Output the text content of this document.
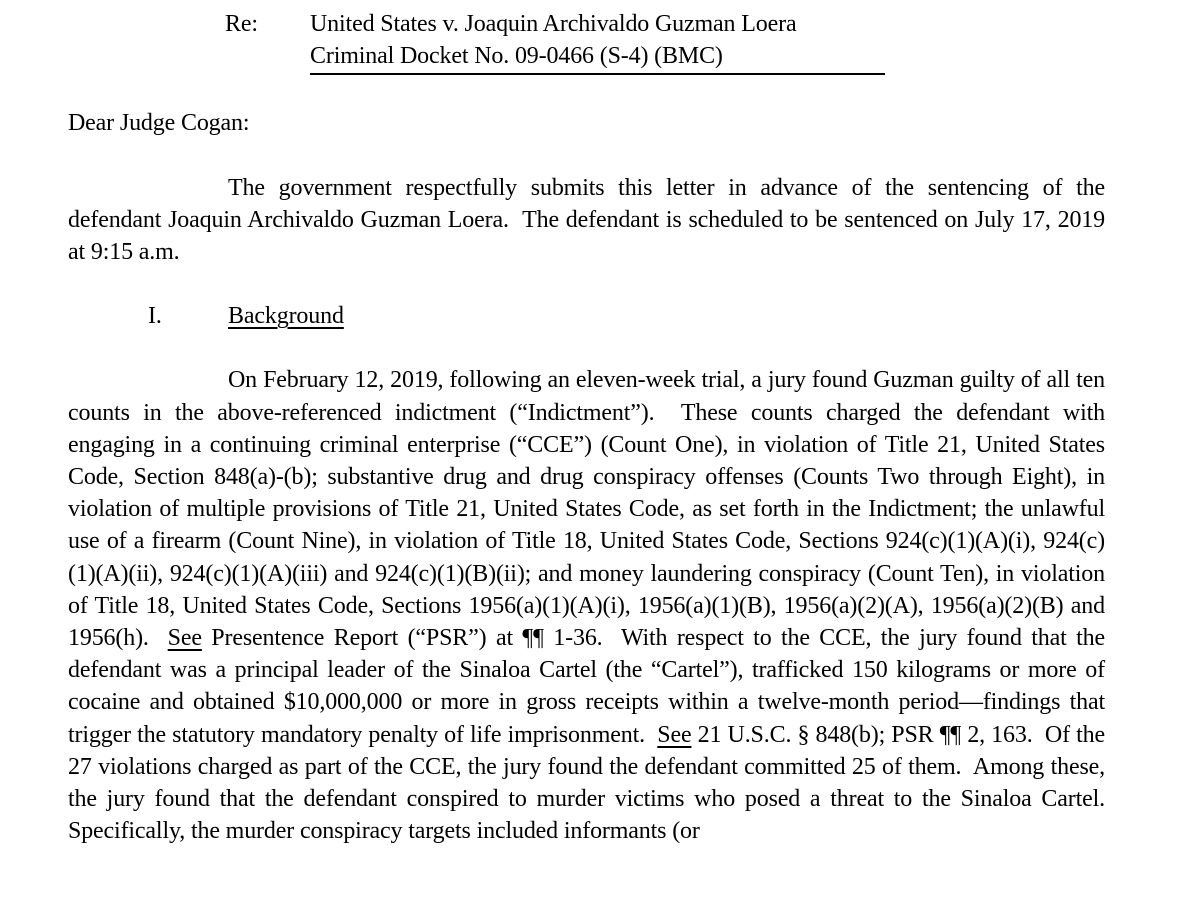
Re:	United States v. Joaquin Archivaldo Guzman Loera
Criminal Docket No. 09-0466 (S-4) (BMC)

Dear Judge Cogan:

The government respectfully submits this letter in advance of the sentencing of the defendant Joaquin Archivaldo Guzman Loera.  The defendant is scheduled to be sentenced on July 17, 2019 at 9:15 a.m.

I.	Background

On February 12, 2019, following an eleven-week trial, a jury found Guzman guilty of all ten counts in the above-referenced indictment (“Indictment”).  These counts charged the defendant with engaging in a continuing criminal enterprise (“CCE”) (Count One), in violation of Title 21, United States Code, Section 848(a)-(b); substantive drug and drug conspiracy offenses (Counts Two through Eight), in violation of multiple provisions of Title 21, United States Code, as set forth in the Indictment; the unlawful use of a firearm (Count Nine), in violation of Title 18, United States Code, Sections 924(c)(1)(A)(i), 924(c)(1)(A)(ii), 924(c)(1)(A)(iii) and 924(c)(1)(B)(ii); and money laundering conspiracy (Count Ten), in violation of Title 18, United States Code, Sections 1956(a)(1)(A)(i), 1956(a)(1)(B), 1956(a)(2)(A), 1956(a)(2)(B) and 1956(h).  See Presentence Report (“PSR”) at ¶¶ 1-36.  With respect to the CCE, the jury found that the defendant was a principal leader of the Sinaloa Cartel (the “Cartel”), trafficked 150 kilograms or more of cocaine and obtained $10,000,000 or more in gross receipts within a twelve-month period—findings that trigger the statutory mandatory penalty of life imprisonment.  See 21 U.S.C. § 848(b); PSR ¶¶ 2, 163.  Of the 27 violations charged as part of the CCE, the jury found the defendant committed 25 of them.  Among these, the jury found that the defendant conspired to murder victims who posed a threat to the Sinaloa Cartel.  Specifically, the murder conspiracy targets included informants (or
